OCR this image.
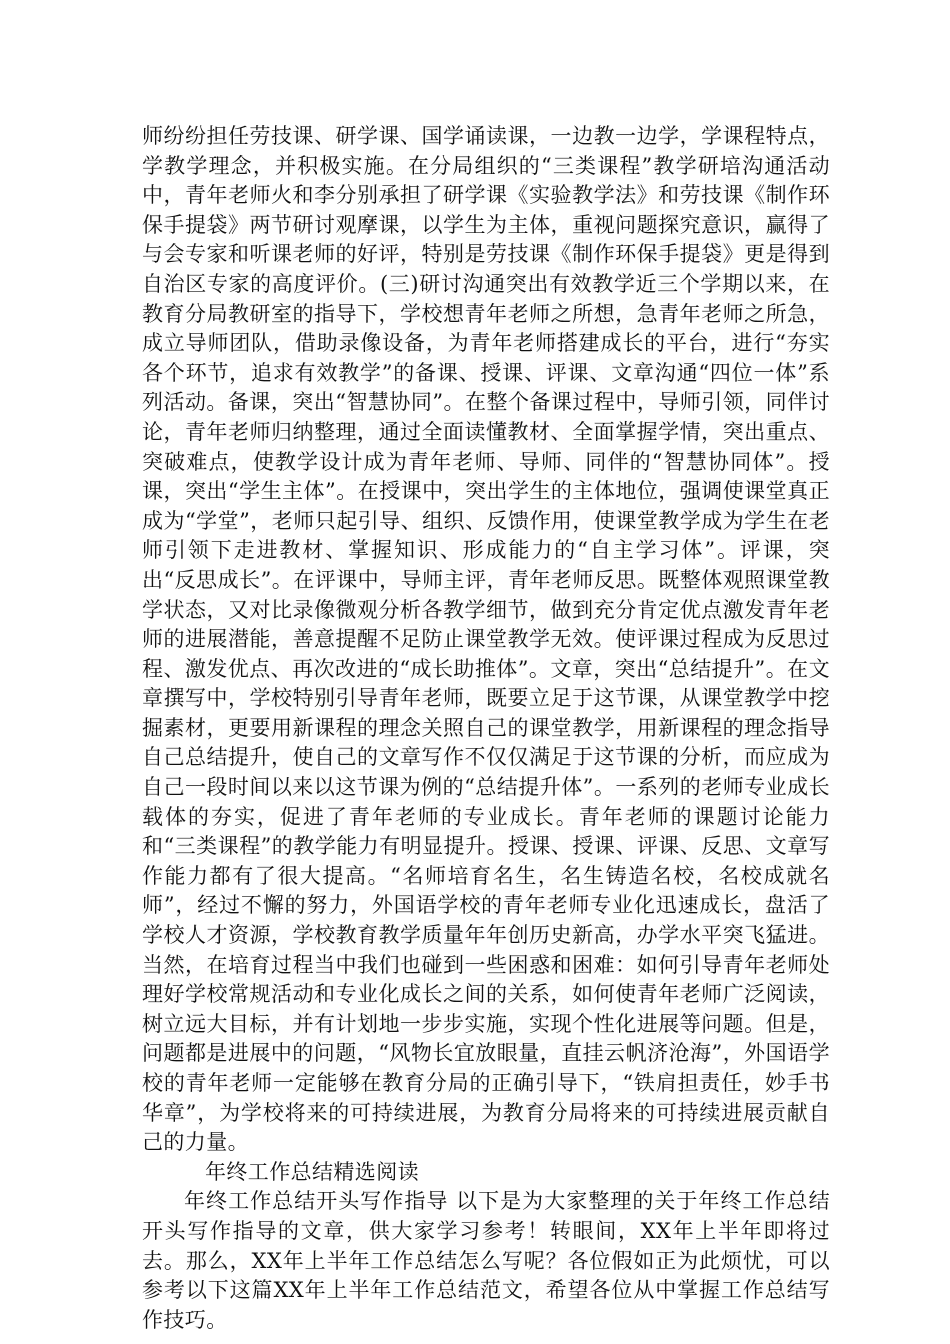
师纷纷担任劳技课、研学课、国学诵读课，一边教一边学，学课程特点，学教学理念，并积极实施。在分局组织的“三类课程”教学研培沟通活动中，青年老师火和李分别承担了研学课《实验教学法》和劳技课《制作环保手提袋》两节研讨观摩课，以学生为主体，重视问题探究意识，赢得了与会专家和听课老师的好评，特别是劳技课《制作环保手提袋》更是得到自治区专家的高度评价。(三)研讨沟通突出有效教学近三个学期以来，在教育分局教研室的指导下，学校想青年老师之所想，急青年老师之所急，成立导师团队，借助录像设备，为青年老师搭建成长的平台，进行“夯实各个环节，追求有效教学”的备课、授课、评课、文章沟通“四位一体”系列活动。备课，突出“智慧协同”。在整个备课过程中，导师引领，同伴讨论，青年老师归纳整理，通过全面读懂教材、全面掌握学情，突出重点、突破难点，使教学设计成为青年老师、导师、同伴的“智慧协同体”。授课，突出“学生主体”。在授课中，突出学生的主体地位，强调使课堂真正成为“学堂”，老师只起引导、组织、反馈作用，使课堂教学成为学生在老师引领下走进教材、掌握知识、形成能力的“自主学习体”。评课，突出“反思成长”。在评课中，导师主评，青年老师反思。既整体观照课堂教学状态，又对比录像微观分析各教学细节，做到充分肯定优点激发青年老师的进展潜能，善意提醒不足防止课堂教学无效。使评课过程成为反思过程、激发优点、再次改进的“成长助推体”。文章，突出“总结提升”。在文章撰写中，学校特别引导青年老师，既要立足于这节课，从课堂教学中挖掘素材，更要用新课程的理念关照自己的课堂教学，用新课程的理念指导自己总结提升，使自己的文章写作不仅仅满足于这节课的分析，而应成为自己一段时间以来以这节课为例的“总结提升体”。一系列的老师专业成长载体的夯实，促进了青年老师的专业成长。青年老师的课题讨论能力和“三类课程”的教学能力有明显提升。授课、授课、评课、反思、文章写作能力都有了很大提高。“名师培育名生，名生铸造名校，名校成就名师”，经过不懈的努力，外国语学校的青年老师专业化迅速成长，盘活了学校人才资源，学校教育教学质量年年创历史新高，办学水平突飞猛进。当然，在培育过程当中我们也碰到一些困惑和困难：如何引导青年老师处理好学校常规活动和专业化成长之间的关系，如何使青年老师广泛阅读，树立远大目标，并有计划地一步步实施，实现个性化进展等问题。但是，问题都是进展中的问题，“风物长宜放眼量，直挂云帆济沧海”，外国语学校的青年老师一定能够在教育分局的正确引导下，“铁肩担责任，妙手书华章”，为学校将来的可持续进展，为教育分局将来的可持续进展贡献自己的力量。

年终工作总结精选阅读

年终工作总结开头写作指导 以下是为大家整理的关于年终工作总结开头写作指导的文章，供大家学习参考！转眼间，XX年上半年即将过去。那么，XX年上半年工作总结怎么写呢？各位假如正为此烦忧，可以参考以下这篇XX年上半年工作总结范文，希望各位从中掌握工作总结写作技巧。
